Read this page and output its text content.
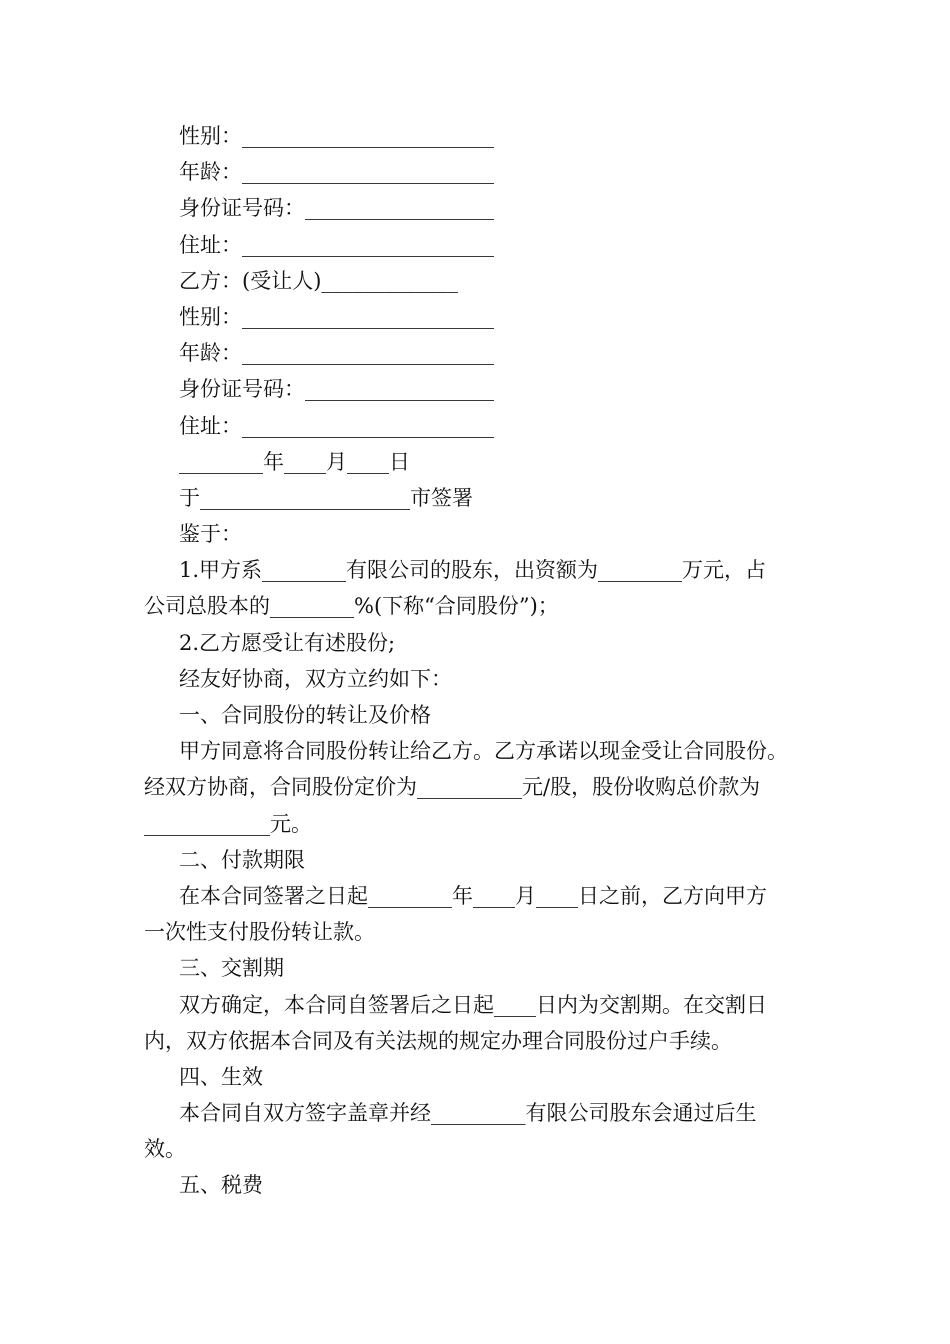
性别：________________________
年龄：________________________
身份证号码：__________________
住址：________________________
乙方：(受让人)_____________
性别：________________________
年龄：________________________
身份证号码：__________________
住址：________________________
________年____月____日
于____________________市签署
鉴于：
1.甲方系________有限公司的股东，出资额为________万元，占
公司总股本的________%(下称“合同股份”)；
2.乙方愿受让有述股份;
经友好协商，双方立约如下：
一、合同股份的转让及价格
甲方同意将合同股份转让给乙方。乙方承诺以现金受让合同股份。
经双方协商，合同股份定价为__________元/股，股份收购总价款为
____________元。
二、付款期限
在本合同签署之日起________年____月____日之前，乙方向甲方
一次性支付股份转让款。
三、交割期
双方确定，本合同自签署后之日起____日内为交割期。在交割日
内，双方依据本合同及有关法规的规定办理合同股份过户手续。
四、生效
本合同自双方签字盖章并经_________有限公司股东会通过后生
效。
五、税费
